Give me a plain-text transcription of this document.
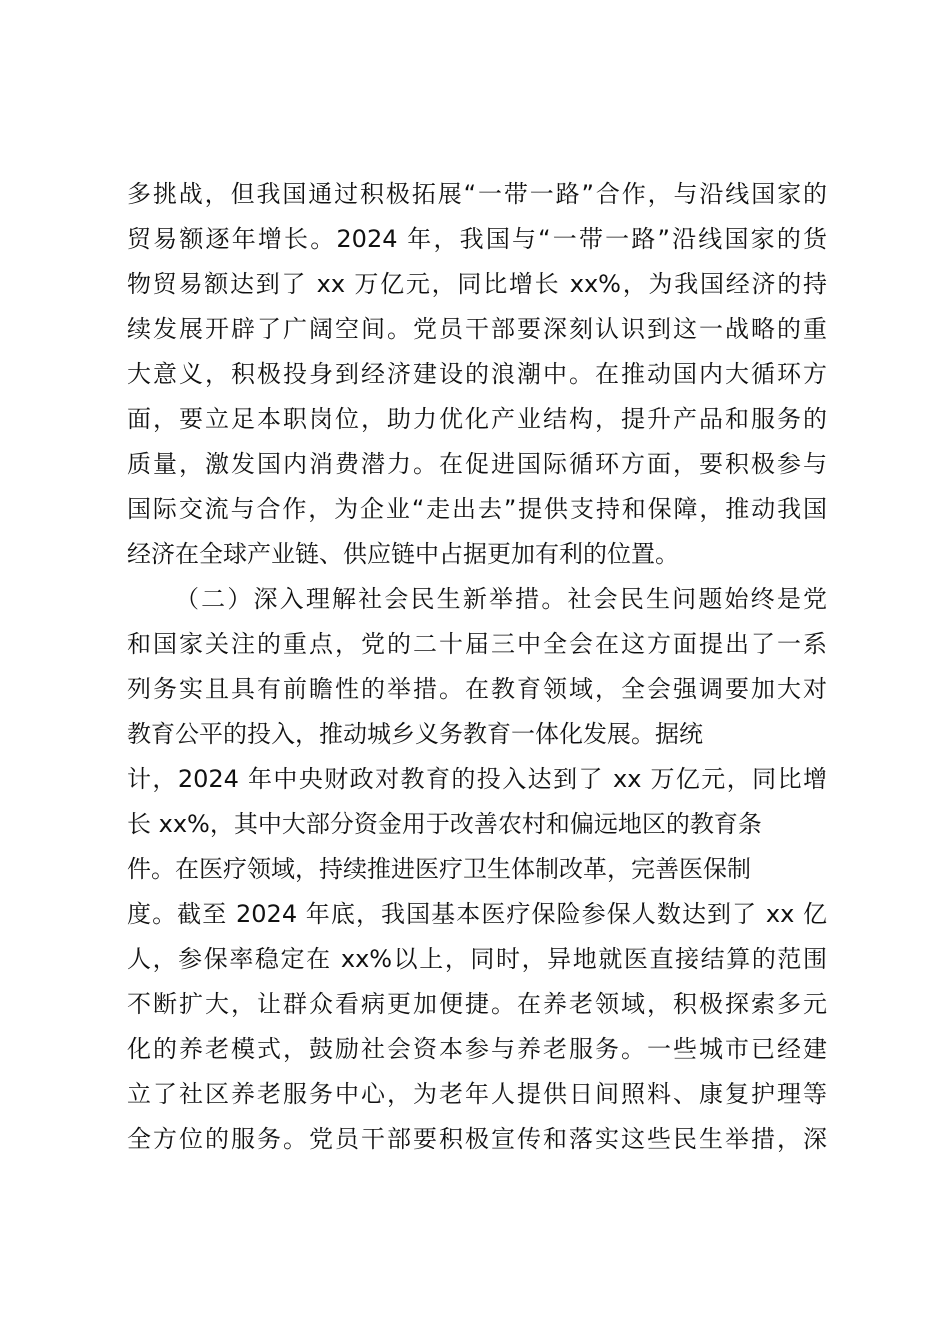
多挑战，但我国通过积极拓展“一带一路”合作，与沿线国家的
贸易额逐年增长。2024 年，我国与“一带一路”沿线国家的货
物贸易额达到了 xx 万亿元，同比增长 xx%，为我国经济的持
续发展开辟了广阔空间。党员干部要深刻认识到这一战略的重
大意义，积极投身到经济建设的浪潮中。在推动国内大循环方
面，要立足本职岗位，助力优化产业结构，提升产品和服务的
质量，激发国内消费潜力。在促进国际循环方面，要积极参与
国际交流与合作，为企业“走出去”提供支持和保障，推动我国
经济在全球产业链、供应链中占据更加有利的位置。
（二）深入理解社会民生新举措。社会民生问题始终是党
和国家关注的重点，党的二十届三中全会在这方面提出了一系
列务实且具有前瞻性的举措。在教育领域，全会强调要加大对
教育公平的投入，推动城乡义务教育一体化发展。据统
计，2024 年中央财政对教育的投入达到了 xx 万亿元，同比增
长 xx%，其中大部分资金用于改善农村和偏远地区的教育条
件。在医疗领域，持续推进医疗卫生体制改革，完善医保制
度。截至 2024 年底，我国基本医疗保险参保人数达到了 xx 亿
人，参保率稳定在 xx%以上，同时，异地就医直接结算的范围
不断扩大，让群众看病更加便捷。在养老领域，积极探索多元
化的养老模式，鼓励社会资本参与养老服务。一些城市已经建
立了社区养老服务中心，为老年人提供日间照料、康复护理等
全方位的服务。党员干部要积极宣传和落实这些民生举措，深
